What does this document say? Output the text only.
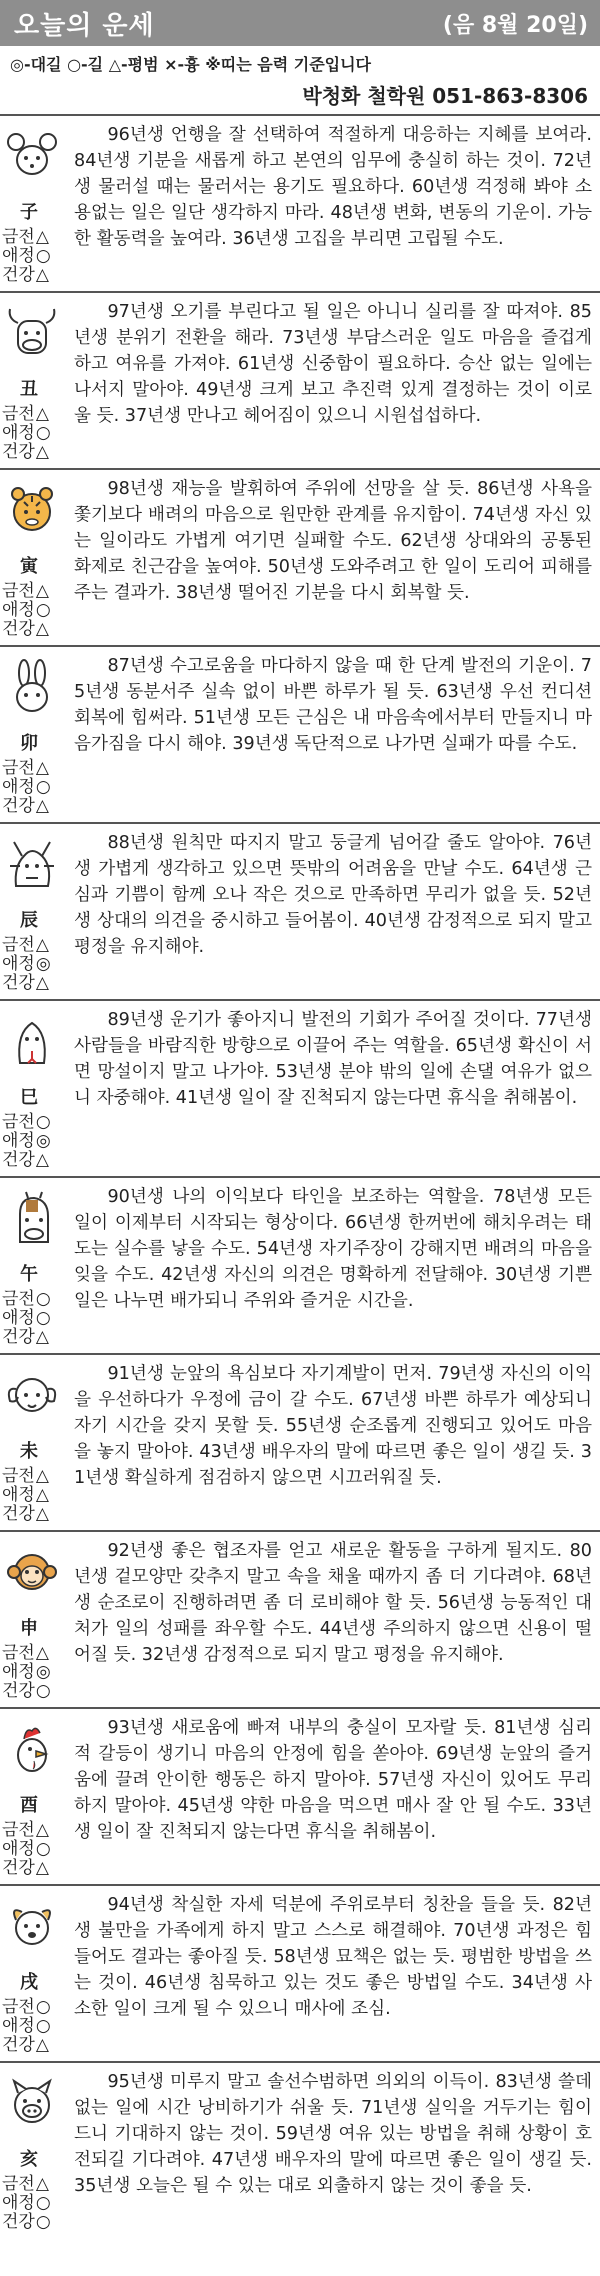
오늘의 운세	(음 8월 20일)
◎-대길 ○-길 △-평범 ×-흉 ※띠는 음력 기준입니다
박청화 철학원 051-863-8306
子
금전△
애정○
건강△
96년생 언행을 잘 선택하여 적절하게 대응하는 지혜를 보여라. 84년생 기분을 새롭게 하고 본연의 임무에 충실히 하는 것이. 72년생 물러설 때는 물러서는 용기도 필요하다. 60년생 걱정해 봐야 소용없는 일은 일단 생각하지 마라. 48년생 변화, 변동의 기운이. 가능한 활동력을 높여라. 36년생 고집을 부리면 고립될 수도.
丑
금전△
애정○
건강△
97년생 오기를 부린다고 될 일은 아니니 실리를 잘 따져야. 85년생 분위기 전환을 해라. 73년생 부담스러운 일도 마음을 즐겁게 하고 여유를 가져야. 61년생 신중함이 필요하다. 승산 없는 일에는 나서지 말아야. 49년생 크게 보고 추진력 있게 결정하는 것이 이로울 듯. 37년생 만나고 헤어짐이 있으니 시원섭섭하다.
寅
금전△
애정○
건강△
98년생 재능을 발휘하여 주위에 선망을 살 듯. 86년생 사욕을 쫓기보다 배려의 마음으로 원만한 관계를 유지함이. 74년생 자신 있는 일이라도 가볍게 여기면 실패할 수도. 62년생 상대와의 공통된 화제로 친근감을 높여야. 50년생 도와주려고 한 일이 도리어 피해를 주는 결과가. 38년생 떨어진 기분을 다시 회복할 듯.
卯
금전△
애정○
건강△
87년생 수고로움을 마다하지 않을 때 한 단계 발전의 기운이. 75년생 동분서주 실속 없이 바쁜 하루가 될 듯. 63년생 우선 컨디션 회복에 힘써라. 51년생 모든 근심은 내 마음속에서부터 만들지니 마음가짐을 다시 해야. 39년생 독단적으로 나가면 실패가 따를 수도.
辰
금전△
애정◎
건강△
88년생 원칙만 따지지 말고 둥글게 넘어갈 줄도 알아야. 76년생 가볍게 생각하고 있으면 뜻밖의 어려움을 만날 수도. 64년생 근심과 기쁨이 함께 오나 작은 것으로 만족하면 무리가 없을 듯. 52년생 상대의 의견을 중시하고 들어봄이. 40년생 감정적으로 되지 말고 평정을 유지해야.
巳
금전○
애정◎
건강△
89년생 운기가 좋아지니 발전의 기회가 주어질 것이다. 77년생 사람들을 바람직한 방향으로 이끌어 주는 역할을. 65년생 확신이 서면 망설이지 말고 나가야. 53년생 분야 밖의 일에 손댈 여유가 없으니 자중해야. 41년생 일이 잘 진척되지 않는다면 휴식을 취해봄이.
午
금전○
애정○
건강△
90년생 나의 이익보다 타인을 보조하는 역할을. 78년생 모든 일이 이제부터 시작되는 형상이다. 66년생 한꺼번에 해치우려는 태도는 실수를 낳을 수도. 54년생 자기주장이 강해지면 배려의 마음을 잊을 수도. 42년생 자신의 의견은 명확하게 전달해야. 30년생 기쁜 일은 나누면 배가되니 주위와 즐거운 시간을.
未
금전△
애정△
건강△
91년생 눈앞의 욕심보다 자기계발이 먼저. 79년생 자신의 이익을 우선하다가 우정에 금이 갈 수도. 67년생 바쁜 하루가 예상되니 자기 시간을 갖지 못할 듯. 55년생 순조롭게 진행되고 있어도 마음을 놓지 말아야. 43년생 배우자의 말에 따르면 좋은 일이 생길 듯. 31년생 확실하게 점검하지 않으면 시끄러워질 듯.
申
금전△
애정◎
건강○
92년생 좋은 협조자를 얻고 새로운 활동을 구하게 될지도. 80년생 겉모양만 갖추지 말고 속을 채울 때까지 좀 더 기다려야. 68년생 순조로이 진행하려면 좀 더 로비해야 할 듯. 56년생 능동적인 대처가 일의 성패를 좌우할 수도. 44년생 주의하지 않으면 신용이 떨어질 듯. 32년생 감정적으로 되지 말고 평정을 유지해야.
酉
금전△
애정○
건강△
93년생 새로움에 빠져 내부의 충실이 모자랄 듯. 81년생 심리적 갈등이 생기니 마음의 안정에 힘을 쏟아야. 69년생 눈앞의 즐거움에 끌려 안이한 행동은 하지 말아야. 57년생 자신이 있어도 무리하지 말아야. 45년생 약한 마음을 먹으면 매사 잘 안 될 수도. 33년생 일이 잘 진척되지 않는다면 휴식을 취해봄이.
戌
금전○
애정○
건강△
94년생 착실한 자세 덕분에 주위로부터 칭찬을 들을 듯. 82년생 불만을 가족에게 하지 말고 스스로 해결해야. 70년생 과정은 힘들어도 결과는 좋아질 듯. 58년생 묘책은 없는 듯. 평범한 방법을 쓰는 것이. 46년생 침묵하고 있는 것도 좋은 방법일 수도. 34년생 사소한 일이 크게 될 수 있으니 매사에 조심.
亥
금전△
애정○
건강○
95년생 미루지 말고 솔선수범하면 의외의 이득이. 83년생 쓸데없는 일에 시간 낭비하기가 쉬울 듯. 71년생 실익을 거두기는 힘이 드니 기대하지 않는 것이. 59년생 여유 있는 방법을 취해 상황이 호전되길 기다려야. 47년생 배우자의 말에 따르면 좋은 일이 생길 듯. 35년생 오늘은 될 수 있는 대로 외출하지 않는 것이 좋을 듯.
